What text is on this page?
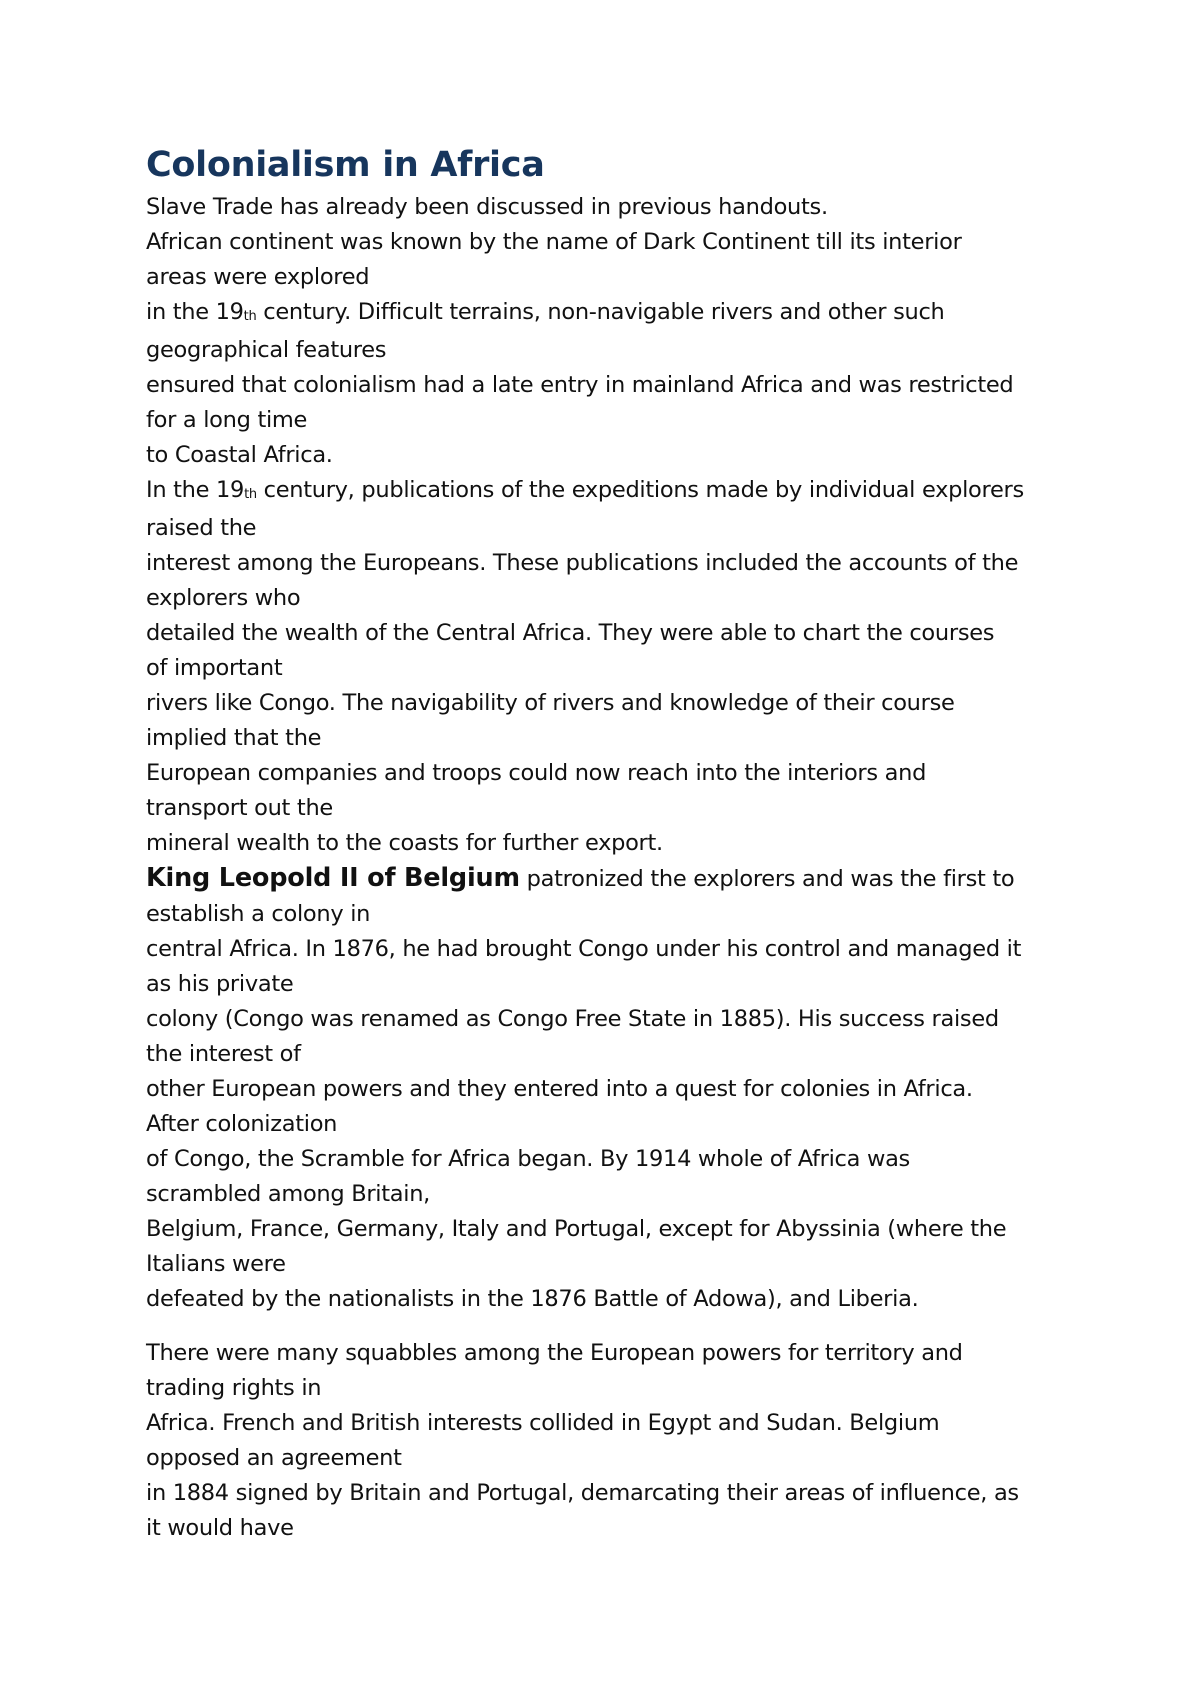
Colonialism in Africa
Slave Trade has already been discussed in previous handouts.
African continent was known by the name of Dark Continent till its interior
areas were explored
in the $19_{th}$ century. Difficult terrains, non-navigable rivers and other such
geographical features
ensured that colonialism had a late entry in mainland Africa and was restricted
for a long time
to Coastal Africa.
In the $19_{th}$ century, publications of the expeditions made by individual explorers
raised the
interest among the Europeans. These publications included the accounts of the
explorers who
detailed the wealth of the Central Africa. They were able to chart the courses
of important
rivers like Congo. The navigability of rivers and knowledge of their course
implied that the
European companies and troops could now reach into the interiors and
transport out the
mineral wealth to the coasts for further export.
King Leopold II of Belgium patronized the explorers and was the first to
establish a colony in
central Africa. In 1876, he had brought Congo under his control and managed it
as his private
colony (Congo was renamed as Congo Free State in 1885). His success raised
the interest of
other European powers and they entered into a quest for colonies in Africa.
After colonization
of Congo, the Scramble for Africa began. By 1914 whole of Africa was
scrambled among Britain,
Belgium, France, Germany, Italy and Portugal, except for Abyssinia (where the
Italians were
defeated by the nationalists in the 1876 Battle of Adowa), and Liberia.
There were many squabbles among the European powers for territory and
trading rights in
Africa. French and British interests collided in Egypt and Sudan. Belgium
opposed an agreement
in 1884 signed by Britain and Portugal, demarcating their areas of influence, as
it would have
